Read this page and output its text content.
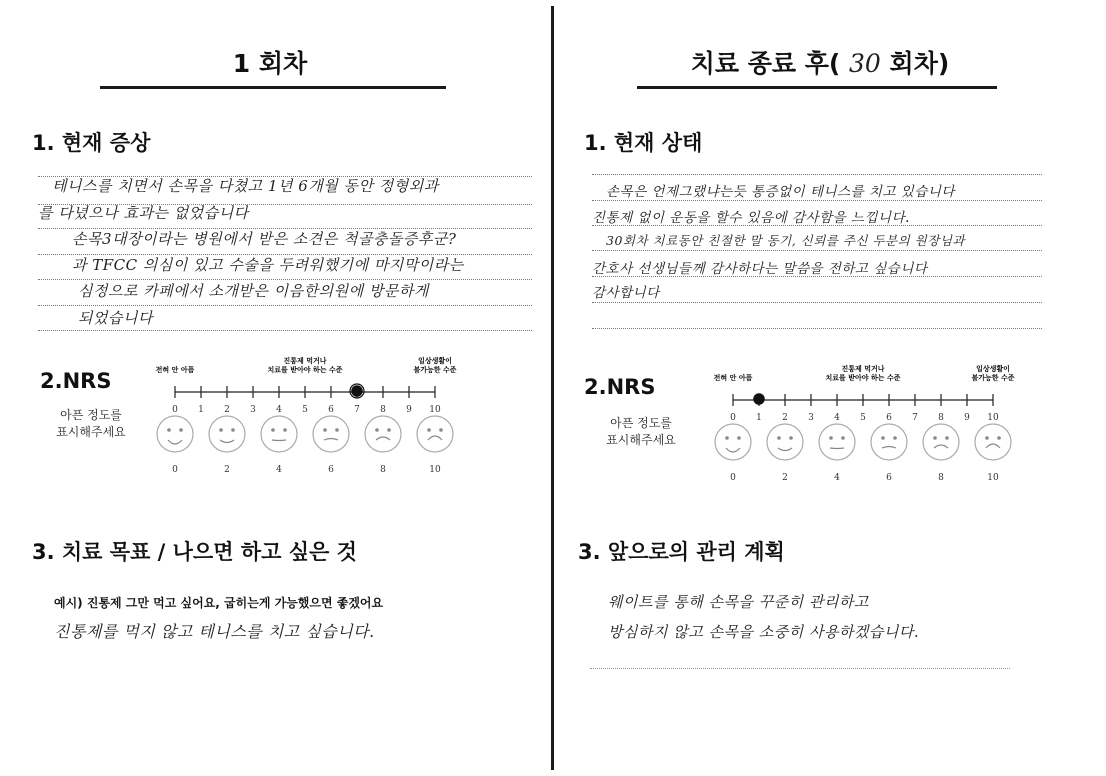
1 회차
1. 현재 증상
테니스를 치면서 손목을 다쳤고 1년 6개월 동안 정형외과
를 다녔으나 효과는 없었습니다
손목3대장이라는 병원에서 받은 소견은 척골충돌증후군?
과 TFCC 의심이 있고 수술을 두려워했기에 마지막이라는
심정으로 카페에서 소개받은 이음한의원에 방문하게
되었습니다
2.NRS
아픈 정도를
표시해주세요
전혀 안 아픔
진통제 먹거나
치료를 받아야 하는 수준
일상생활이
불가능한 수준
0 1 2 3 4 5 6 7 8 9 10
0	2	4	6	8	10
3. 치료 목표 / 나으면 하고 싶은 것
예시) 진통제 그만 먹고 싶어요, 굽히는게 가능했으면 좋겠어요
진통제를 먹지 않고 테니스를 치고 싶습니다.
치료 종료 후( 30 회차)
1. 현재 상태
손목은 언제그랬냐는듯 통증없이 테니스를 치고 있습니다
진통제 없이 운동을 할수 있음에 감사함을 느낍니다.
30회차 치료동안 친절한 말 동기, 신뢰를 주신 두분의 원장님과
간호사 선생님들께 감사하다는 말씀을 전하고 싶습니다
감사합니다
2.NRS
아픈 정도를
표시해주세요
전혀 안 아픔
진통제 먹거나
치료를 받아야 하는 수준
일상생활이
불가능한 수준
0 1 2 3 4 5 6 7 8 9 10
0	2	4	6	8	10
3. 앞으로의 관리 계획
웨이트를 통해 손목을 꾸준히 관리하고
방심하지 않고 손목을 소중히 사용하겠습니다.
